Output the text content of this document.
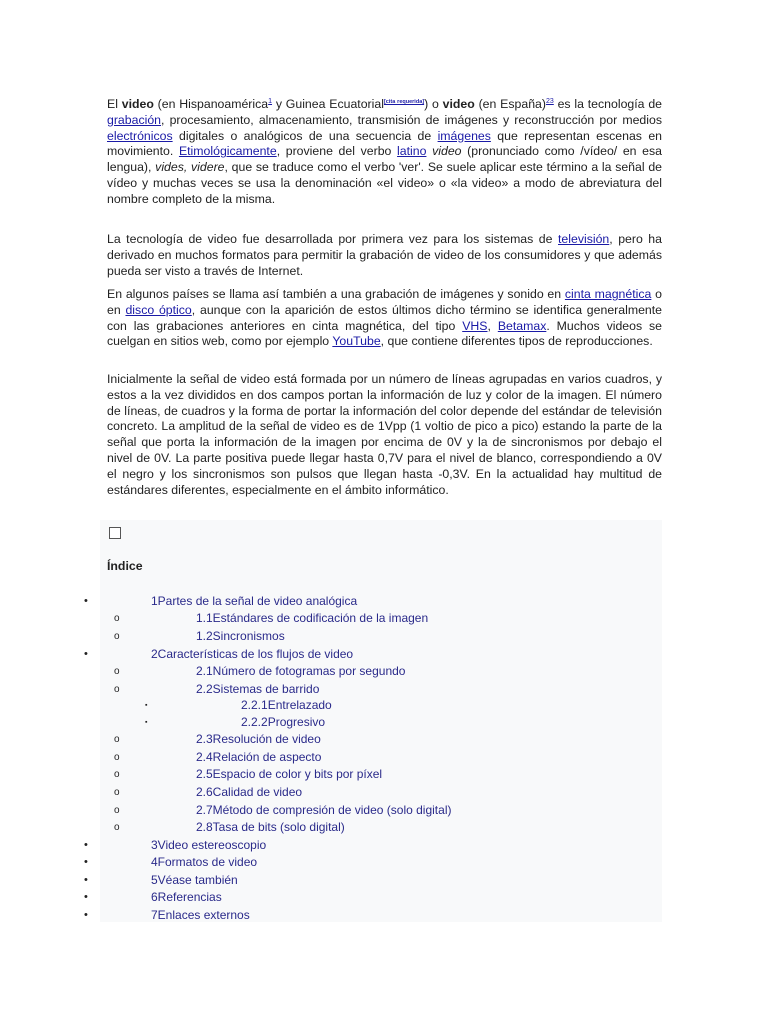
El video (en Hispanoamérica$^1$ y Guinea Ecuatorial[cita requerida]) o video (en España)$^{23}$ es la tecnología de grabación, procesamiento, almacenamiento, transmisión de imágenes y reconstrucción por medios electrónicos digitales o analógicos de una secuencia de imágenes que representan escenas en movimiento. Etimológicamente, proviene del verbo latino video (pronunciado como /vídeo/ en esa lengua), vides, videre, que se traduce como el verbo 'ver'. Se suele aplicar este término a la señal de vídeo y muchas veces se usa la denominación «el video» o «la video» a modo de abreviatura del nombre completo de la misma.

La tecnología de video fue desarrollada por primera vez para los sistemas de televisión, pero ha derivado en muchos formatos para permitir la grabación de video de los consumidores y que además pueda ser visto a través de Internet.

En algunos países se llama así también a una grabación de imágenes y sonido en cinta magnética o en disco óptico, aunque con la aparición de estos últimos dicho término se identifica generalmente con las grabaciones anteriores en cinta magnética, del tipo VHS, Betamax. Muchos videos se cuelgan en sitios web, como por ejemplo YouTube, que contiene diferentes tipos de reproducciones.

Inicialmente la señal de video está formada por un número de líneas agrupadas en varios cuadros, y estos a la vez divididos en dos campos portan la información de luz y color de la imagen. El número de líneas, de cuadros y la forma de portar la información del color depende del estándar de televisión concreto. La amplitud de la señal de video es de 1Vpp (1 voltio de pico a pico) estando la parte de la señal que porta la información de la imagen por encima de 0V y la de sincronismos por debajo el nivel de 0V. La parte positiva puede llegar hasta 0,7V para el nivel de blanco, correspondiendo a 0V el negro y los sincronismos son pulsos que llegan hasta -0,3V. En la actualidad hay multitud de estándares diferentes, especialmente en el ámbito informático.

Índice

•	1Partes de la señal de video analógica
o	1.1Estándares de codificación de la imagen
o	1.2Sincronismos
•	2Características de los flujos de video
o	2.1Número de fotogramas por segundo
o	2.2Sistemas de barrido
▪	2.2.1Entrelazado
▪	2.2.2Progresivo
o	2.3Resolución de video
o	2.4Relación de aspecto
o	2.5Espacio de color y bits por píxel
o	2.6Calidad de video
o	2.7Método de compresión de video (solo digital)
o	2.8Tasa de bits (solo digital)
•	3Video estereoscopio
•	4Formatos de video
•	5Véase también
•	6Referencias
•	7Enlaces externos
